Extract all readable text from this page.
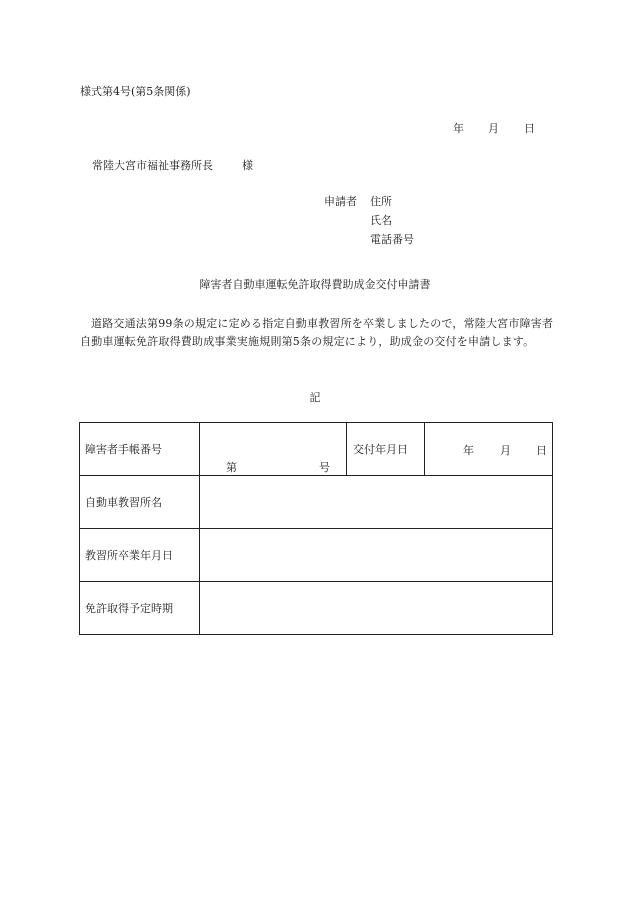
様式第4号(第5条関係)
年 月 日
常陸大宮市福祉事務所長	様
申請者 住所
氏名
電話番号
障害者自動車運転免許取得費助成金交付申請書
道路交通法第99条の規定に定める指定自動車教習所を卒業しましたので，常陸大宮市障害者自動車運転免許取得費助成事業実施規則第5条の規定により，助成金の交付を申請します。
記
障害者手帳番号	第 号	交付年月日	年 月 日

自動車教習所名			
教習所卒業年月日			
免許取得予定時期			
